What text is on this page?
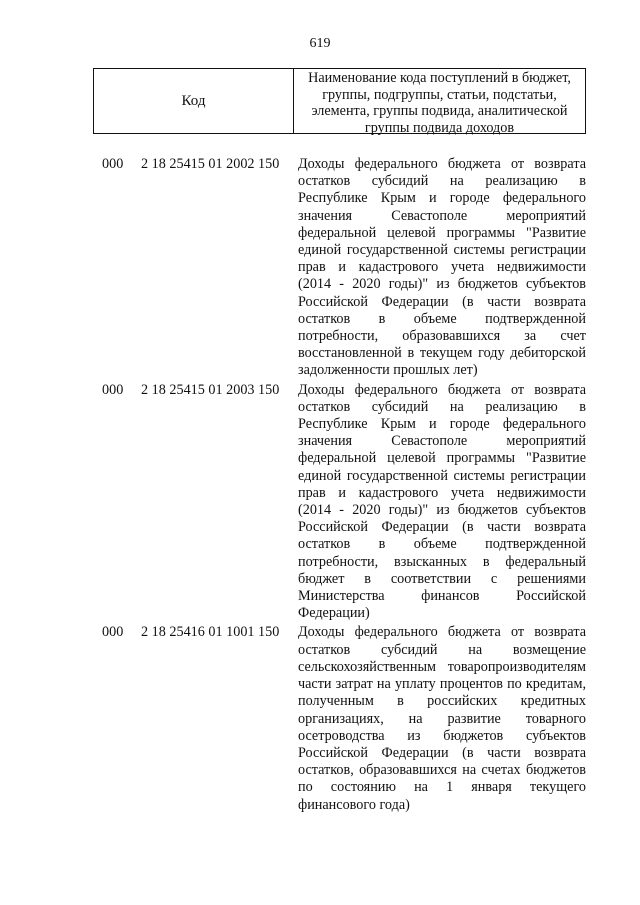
619
Код
Наименование кода поступлений в бюджет, группы, подгруппы, статьи, подстатьи, элемента, группы подвида, аналитической группы подвида доходов
000 2 18 25415 01 2002 150 Доходы федерального бюджета от возврата
остатков субсидий на реализацию в
Республике Крым и городе федерального
значения Севастополе мероприятий
федеральной целевой программы "Развитие
единой государственной системы регистрации
прав и кадастрового учета недвижимости
(2014 - 2020 годы)" из бюджетов субъектов
Российской Федерации (в части возврата
остатков в объеме подтвержденной
потребности, образовавшихся за счет
восстановленной в текущем году дебиторской
задолженности прошлых лет)
000 2 18 25415 01 2003 150 Доходы федерального бюджета от возврата
остатков субсидий на реализацию в
Республике Крым и городе федерального
значения Севастополе мероприятий
федеральной целевой программы "Развитие
единой государственной системы регистрации
прав и кадастрового учета недвижимости
(2014 - 2020 годы)" из бюджетов субъектов
Российской Федерации (в части возврата
остатков в объеме подтвержденной
потребности, взысканных в федеральный
бюджет в соответствии с решениями
Министерства финансов Российской
Федерации)
000 2 18 25416 01 1001 150 Доходы федерального бюджета от возврата
остатков субсидий на возмещение
сельскохозяйственным товаропроизводителям
части затрат на уплату процентов по кредитам,
полученным в российских кредитных
организациях, на развитие товарного
осетроводства из бюджетов субъектов
Российской Федерации (в части возврата
остатков, образовавшихся на счетах бюджетов
по состоянию на 1 января текущего
финансового года)
